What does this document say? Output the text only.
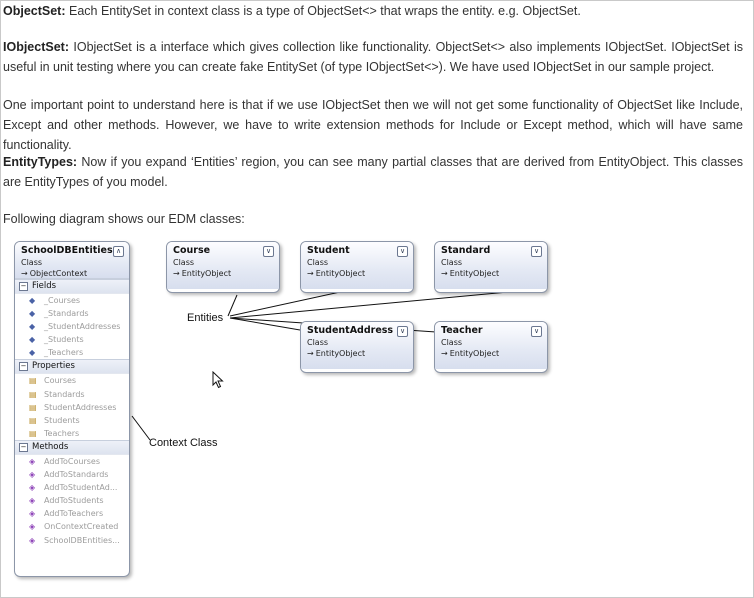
ObjectSet: Each EntitySet in context class is a type of ObjectSet<> that wraps the entity. e.g. ObjectSet.

IObjectSet: IObjectSet is a interface which gives collection like functionality. ObjectSet<> also implements IObjectSet. IObjectSet is useful in unit testing where you can create fake EntitySet (of type IObjectSet<>). We have used IObjectSet in our sample project.

One important point to understand here is that if we use IObjectSet then we will not get some functionality of ObjectSet like Include, Except and other methods. However, we have to write extension methods for Include or Except method, which will have same functionality.

EntityTypes: Now if you expand ‘Entities’ region, you can see many partial classes that are derived from EntityObject. This classes are EntityTypes of you model.

Following diagram shows our EDM classes:

SchoolDBEntities
Class
→ ObjectContext
∧
− Fields
◆ _Courses
◆ _Standards
◆ _StudentAddresses
◆ _Students
◆ _Teachers
− Properties
▤ Courses
▤ Standards
▤ StudentAddresses
▤ Students
▤ Teachers
− Methods
◈ AddToCourses
◈ AddToStandards
◈ AddToStudentAd...
◈ AddToStudents
◈ AddToTeachers
◈ OnContextCreated
◈ SchoolDBEntities...
Course
Class
→ EntityObject
∨	Student
Class
→ EntityObject
∨	Standard
Class
→ EntityObject
∨
StudentAddress
Class
→ EntityObject
∨	Teacher
Class
→ EntityObject
∨
Entities
Context Class
